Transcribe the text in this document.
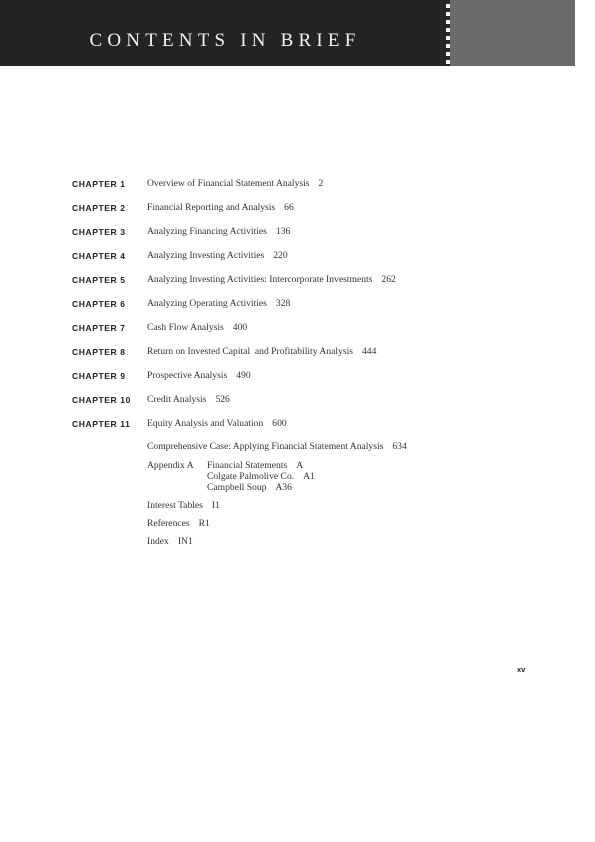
CONTENTS IN BRIEF
CHAPTER 1 Overview of Financial Statement Analysis 2
CHAPTER 2 Financial Reporting and Analysis 66
CHAPTER 3 Analyzing Financing Activities 136
CHAPTER 4 Analyzing Investing Activities 220
CHAPTER 5 Analyzing Investing Activities: Intercorporate Investments 262
CHAPTER 6 Analyzing Operating Activities 328
CHAPTER 7 Cash Flow Analysis 400
CHAPTER 8 Return on Invested Capital  and Profitability Analysis 444
CHAPTER 9 Prospective Analysis 490
CHAPTER 10 Credit Analysis 526
CHAPTER 11 Equity Analysis and Valuation 600
Comprehensive Case: Applying Financial Statement Analysis 634
Appendix A Financial Statements A
Colgate Palmolive Co. A1
Campbell Soup A36
Interest Tables I1
References R1
Index IN1
xv
